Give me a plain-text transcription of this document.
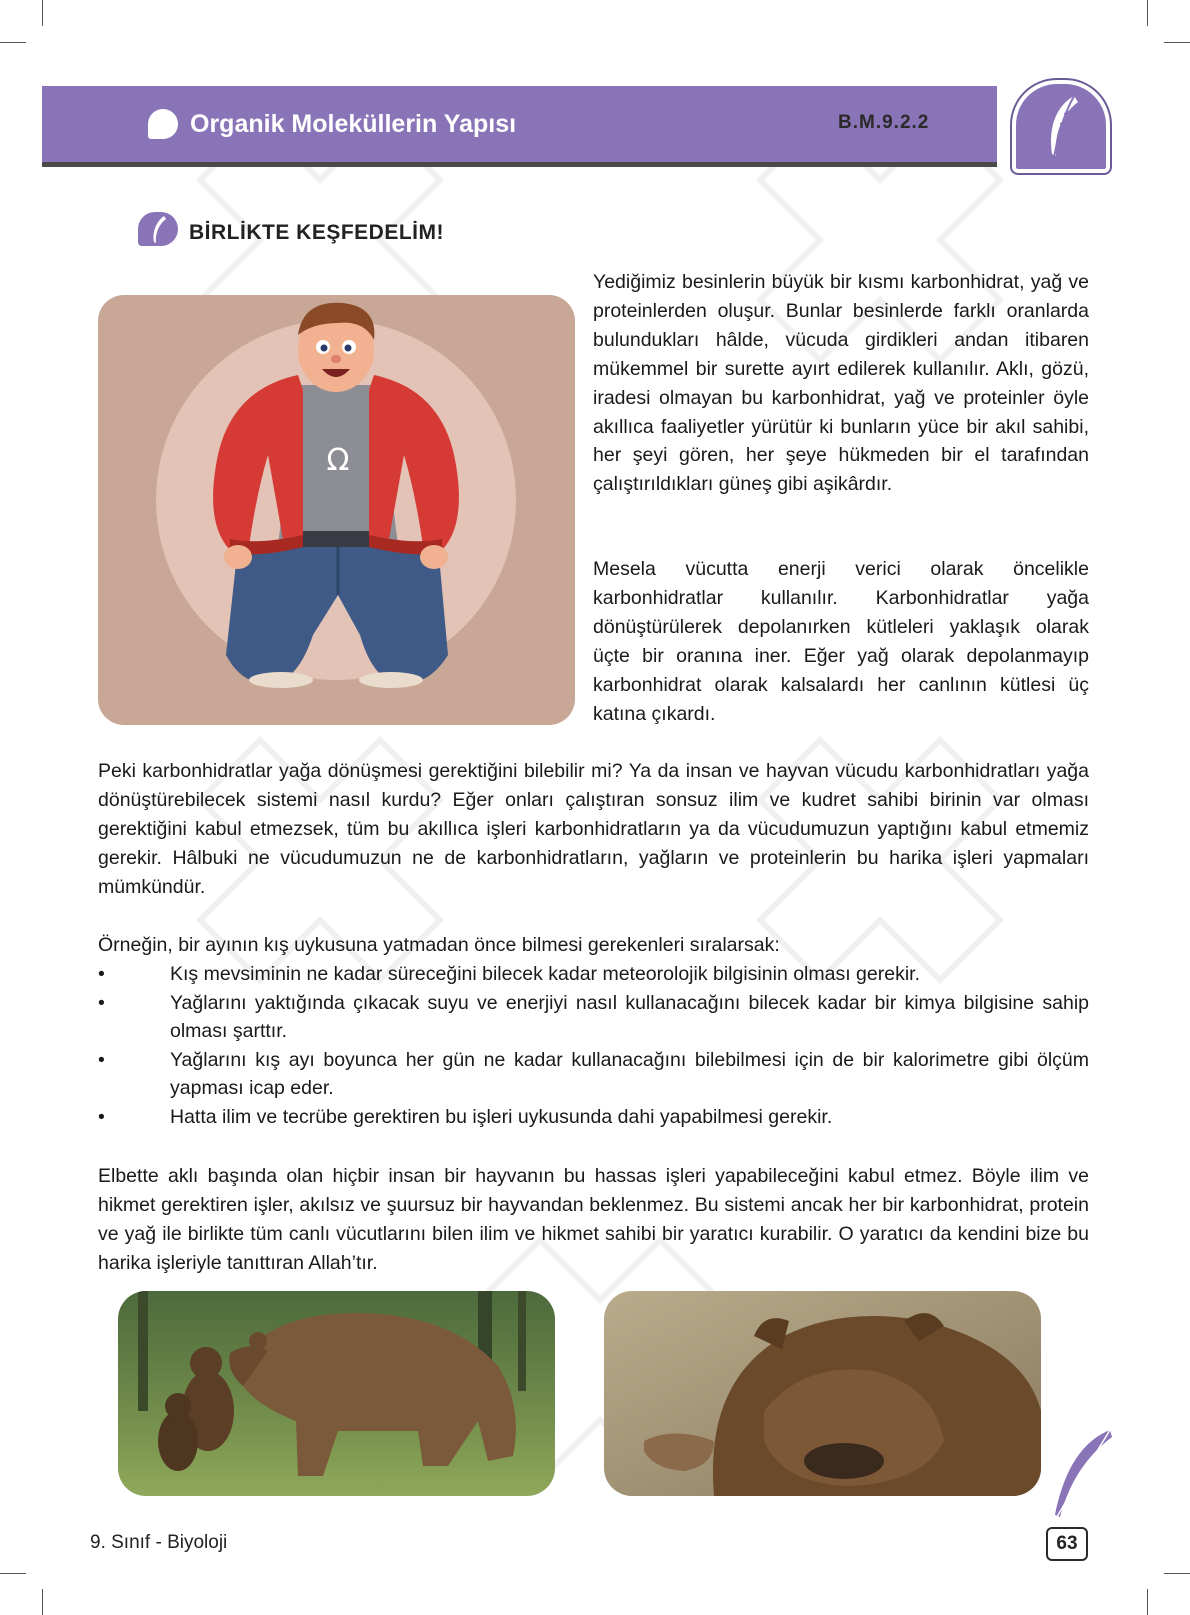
Organik Moleküllerin Yapısı	B.M.9.2.2
BİRLİKTE KEŞFEDELİM!
Ω

Yediğimiz besinlerin büyük bir kısmı karbonhidrat, yağ ve proteinlerden oluşur. Bunlar besinlerde farklı oranlarda bulundukları hâlde, vücuda girdikleri andan itibaren mükemmel bir surette ayırt edilerek kullanılır. Aklı, gözü, iradesi olmayan bu karbonhidrat, yağ ve proteinler öyle akıllıca faaliyetler yürütür ki bunların yüce bir akıl sahibi, her şeyi gören, her şeye hükmeden bir el tarafından çalıştırıldıkları güneş gibi aşikârdır.

Mesela vücutta enerji verici olarak öncelikle karbonhidratlar kullanılır. Karbonhidratlar yağa dönüştürülerek depolanırken kütleleri yaklaşık olarak üçte bir oranına iner. Eğer yağ olarak depolanmayıp karbonhidrat olarak kalsalardı her canlının kütlesi üç katına çıkardı.

Peki karbonhidratlar yağa dönüşmesi gerektiğini bilebilir mi? Ya da insan ve hayvan vücudu karbonhidratları yağa dönüştürebilecek sistemi nasıl kurdu? Eğer onları çalıştıran sonsuz ilim ve kudret sahibi birinin var olması gerektiğini kabul etmezsek, tüm bu akıllıca işleri karbonhidratların ya da vücudumuzun yaptığını kabul etmemiz gerekir. Hâlbuki ne vücudumuzun ne de karbonhidratların, yağların ve proteinlerin bu harika işleri yapmaları mümkündür.

Örneğin, bir ayının kış uykusuna yatmadan önce bilmesi gerekenleri sıralarsak:

•	Kış mevsiminin ne kadar süreceğini bilecek kadar meteorolojik bilgisinin olması gerekir.
•	Yağlarını yaktığında çıkacak suyu ve enerjiyi nasıl kullanacağını bilecek kadar bir kimya bilgisine sahip olması şarttır.
•	Yağlarını kış ayı boyunca her gün ne kadar kullanacağını bilebilmesi için de bir kalorimetre gibi ölçüm yapması icap eder.
•	Hatta ilim ve tecrübe gerektiren bu işleri uykusunda dahi yapabilmesi gerekir.

Elbette aklı başında olan hiçbir insan bir hayvanın bu hassas işleri yapabileceğini kabul etmez. Böyle ilim ve hikmet gerektiren işler, akılsız ve şuursuz bir hayvandan beklenmez. Bu sistemi ancak her bir karbonhidrat, protein ve yağ ile birlikte tüm canlı vücutlarını bilen ilim ve hikmet sahibi bir yaratıcı kurabilir. O yaratıcı da kendini bize bu harika işleriyle tanıttıran Allah’tır.

9. Sınıf - Biyoloji	63
